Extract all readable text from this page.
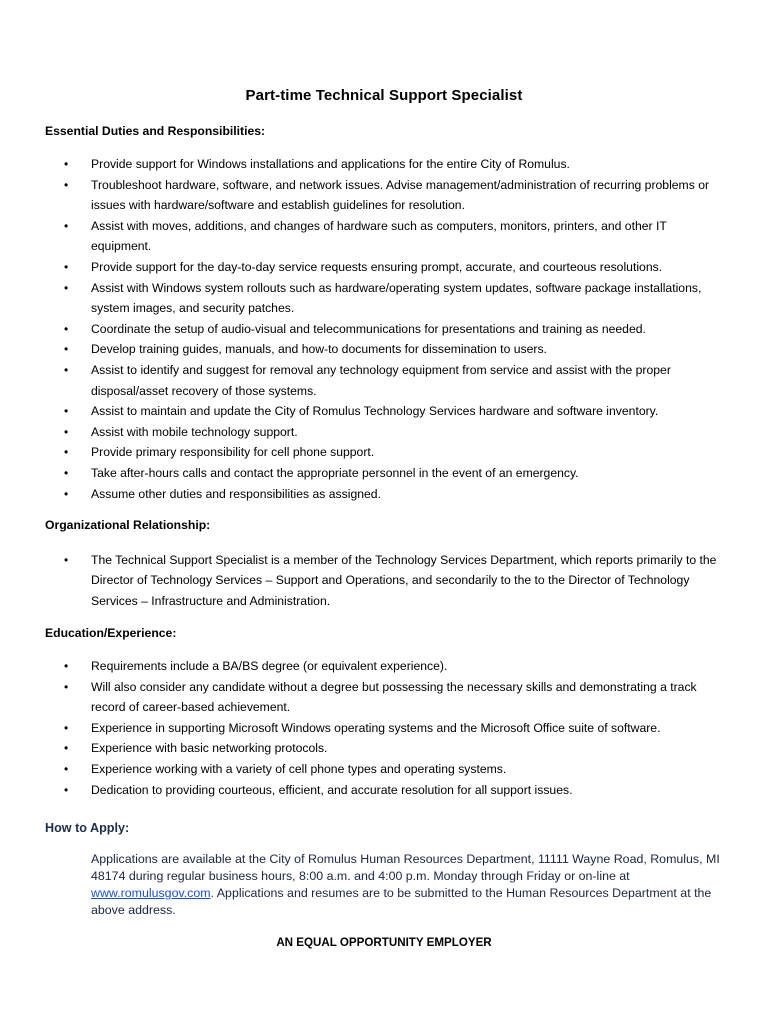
Part-time Technical Support Specialist
Essential Duties and Responsibilities:
• Provide support for Windows installations and applications for the entire City of Romulus.
• Troubleshoot hardware, software, and network issues. Advise management/administration of recurring problems or issues with hardware/software and establish guidelines for resolution.
• Assist with moves, additions, and changes of hardware such as computers, monitors, printers, and other IT equipment.
• Provide support for the day-to-day service requests ensuring prompt, accurate, and courteous resolutions.
• Assist with Windows system rollouts such as hardware/operating system updates, software package installations, system images, and security patches.
• Coordinate the setup of audio-visual and telecommunications for presentations and training as needed.
• Develop training guides, manuals, and how-to documents for dissemination to users.
• Assist to identify and suggest for removal any technology equipment from service and assist with the proper disposal/asset recovery of those systems.
• Assist to maintain and update the City of Romulus Technology Services hardware and software inventory.
• Assist with mobile technology support.
• Provide primary responsibility for cell phone support.
• Take after-hours calls and contact the appropriate personnel in the event of an emergency.
• Assume other duties and responsibilities as assigned.
Organizational Relationship:
• The Technical Support Specialist is a member of the Technology Services Department, which reports primarily to the Director of Technology Services – Support and Operations, and secondarily to the to the Director of Technology Services – Infrastructure and Administration.
Education/Experience:
• Requirements include a BA/BS degree (or equivalent experience).
• Will also consider any candidate without a degree but possessing the necessary skills and demonstrating a track record of career-based achievement.
• Experience in supporting Microsoft Windows operating systems and the Microsoft Office suite of software.
• Experience with basic networking protocols.
• Experience working with a variety of cell phone types and operating systems.
• Dedication to providing courteous, efficient, and accurate resolution for all support issues.
How to Apply:
Applications are available at the City of Romulus Human Resources Department, 11111 Wayne Road, Romulus, MI 48174 during regular business hours, 8:00 a.m. and 4:00 p.m. Monday through Friday or on-line at www.romulusgov.com. Applications and resumes are to be submitted to the Human Resources Department at the above address.
AN EQUAL OPPORTUNITY EMPLOYER
